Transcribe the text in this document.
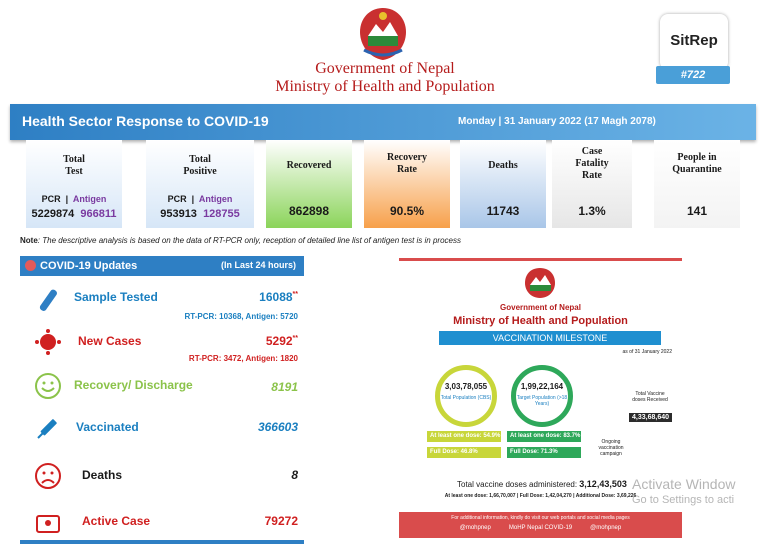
Government of Nepal
Ministry of Health and Population
SitRep
#722
Health Sector Response to COVID-19	Monday | 31 January 2022 (17 Magh 2078)
Total
Test
PCR | Antigen
5229874 966811
Total
Positive
PCR | Antigen
953913 128755
Recovered
862898
Recovery
Rate
90.5%
Deaths
11743
Case
Fatality
Rate
1.3%
People in
Quarantine
141
Note: The descriptive analysis is based on the data of RT-PCR only, reception of detailed line list of antigen test is in process
COVID-19 Updates	(In Last 24 hours)
Sample Tested	16088**
RT-PCR: 10368, Antigen: 5720
New Cases	5292**
RT-PCR: 3472, Antigen: 1820
Recovery/ Discharge	8191
Vaccinated	366603
Deaths	8
Active Case	79272
Government of Nepal
Ministry of Health and Population
VACCINATION MILESTONE
as of 31 January 2022
3,03,78,055
Total Population (CBS)
1,99,22,164
Target Population (>18 Years)
At least one dose: 54.9%
Full Dose: 46.8%
At least one dose: 83.7%
Full Dose: 71.3%
Total Vaccine doses Received
4,33,68,640
Ongoing vaccination campaign
Total vaccine doses administered: 3,12,43,503
At least one dose: 1,66,70,007 | Full Dose: 1,42,04,270 | Additional Dose: 3,69,226
For additional information, kindly do visit our web portals and social media pages
@mohpnep	MoHP Nepal COVID-19	@mohpnep
Activate Window
Go to Settings to acti
